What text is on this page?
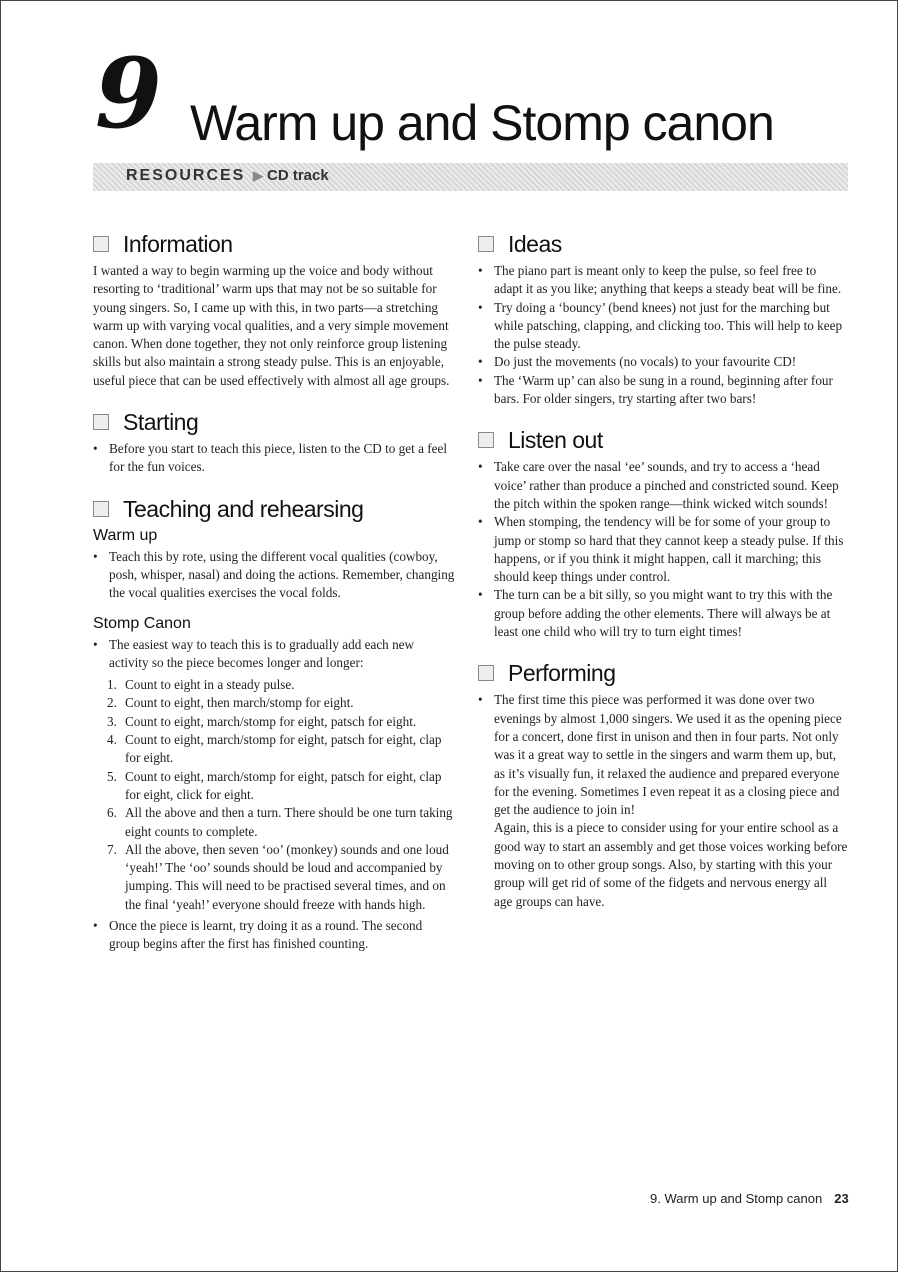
9 Warm up and Stomp canon
RESOURCES ▶ CD track
Information

I wanted a way to begin warming up the voice and body without resorting to ‘traditional’ warm ups that may not be so suitable for young singers. So, I came up with this, in two parts—a stretching warm up with varying vocal qualities, and a very simple movement canon. When done together, they not only reinforce group listening skills but also maintain a strong steady pulse. This is an enjoyable, useful piece that can be used effectively with almost all age groups.

Starting
• Before you start to teach this piece, listen to the CD to get a feel for the fun voices.
Teaching and rehearsing
Warm up
• Teach this by rote, using the different vocal qualities (cowboy, posh, whisper, nasal) and doing the actions. Remember, changing the vocal qualities exercises the vocal folds.
Stomp Canon
• The easiest way to teach this is to gradually add each new activity so the piece becomes longer and longer:
1. Count to eight in a steady pulse.
2. Count to eight, then march/stomp for eight.
3. Count to eight, march/stomp for eight, patsch for eight.
4. Count to eight, march/stomp for eight, patsch for eight, clap for eight.
5. Count to eight, march/stomp for eight, patsch for eight, clap for eight, click for eight.
6. All the above and then a turn. There should be one turn taking eight counts to complete.
7. All the above, then seven ‘oo’ (monkey) sounds and one loud ‘yeah!’ The ‘oo’ sounds should be loud and accompanied by jumping. This will need to be practised several times, and on the final ‘yeah!’ everyone should freeze with hands high.
• Once the piece is learnt, try doing it as a round. The second group begins after the first has finished counting.
Ideas
• The piano part is meant only to keep the pulse, so feel free to adapt it as you like; anything that keeps a steady beat will be fine.
• Try doing a ‘bouncy’ (bend knees) not just for the marching but while patsching, clapping, and clicking too. This will help to keep the pulse steady.
• Do just the movements (no vocals) to your favourite CD!
• The ‘Warm up’ can also be sung in a round, beginning after four bars. For older singers, try starting after two bars!
Listen out
• Take care over the nasal ‘ee’ sounds, and try to access a ‘head voice’ rather than produce a pinched and constricted sound. Keep the pitch within the spoken range—think wicked witch sounds!
• When stomping, the tendency will be for some of your group to jump or stomp so hard that they cannot keep a steady pulse. If this happens, or if you think it might happen, call it marching; this should keep things under control.
• The turn can be a bit silly, so you might want to try this with the group before adding the other elements. There will always be at least one child who will try to turn eight times!
Performing
• The first time this piece was performed it was done over two evenings by almost 1,000 singers. We used it as the opening piece for a concert, done first in unison and then in four parts. Not only was it a great way to settle in the singers and warm them up, but, as it’s visually fun, it relaxed the audience and prepared everyone for the evening. Sometimes I even repeat it as a closing piece and get the audience to join in!
Again, this is a piece to consider using for your entire school as a good way to start an assembly and get those voices working before moving on to other group songs. Also, by starting with this your group will get rid of some of the fidgets and nervous energy all age groups can have.
9. Warm up and Stomp canon 23
